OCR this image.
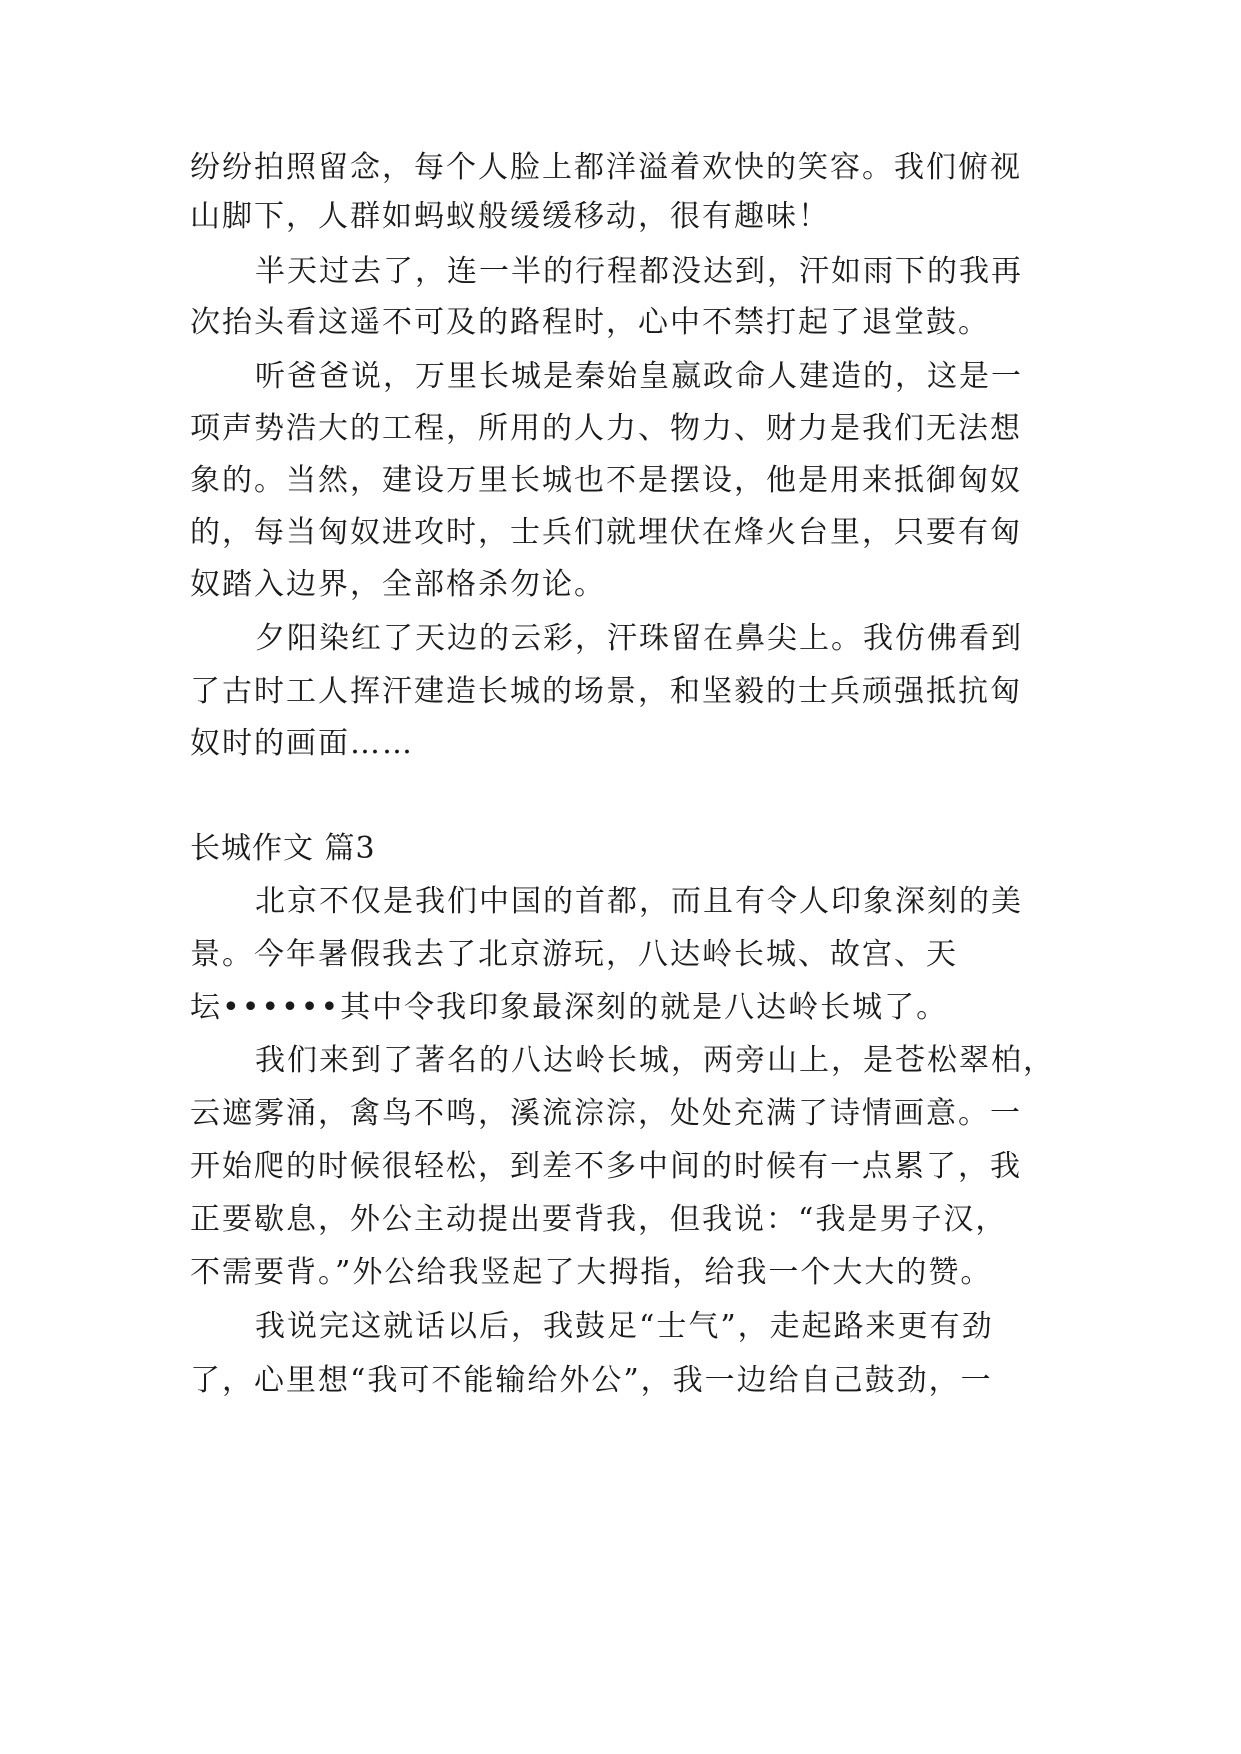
纷纷拍照留念，每个人脸上都洋溢着欢快的笑容。我们俯视
山脚下，人群如蚂蚁般缓缓移动，很有趣味！
半天过去了，连一半的行程都没达到，汗如雨下的我再
次抬头看这遥不可及的路程时，心中不禁打起了退堂鼓。
听爸爸说，万里长城是秦始皇嬴政命人建造的，这是一
项声势浩大的工程，所用的人力、物力、财力是我们无法想
象的。当然，建设万里长城也不是摆设，他是用来抵御匈奴
的，每当匈奴进攻时，士兵们就埋伏在烽火台里，只要有匈
奴踏入边界，全部格杀勿论。
夕阳染红了天边的云彩，汗珠留在鼻尖上。我仿佛看到
了古时工人挥汗建造长城的场景，和坚毅的士兵顽强抵抗匈
奴时的画面……
长城作文 篇3
北京不仅是我们中国的首都，而且有令人印象深刻的美
景。今年暑假我去了北京游玩，八达岭长城、故宫、天
坛••••••其中令我印象最深刻的就是八达岭长城了。
我们来到了著名的八达岭长城，两旁山上，是苍松翠柏，
云遮雾涌，禽鸟不鸣，溪流淙淙，处处充满了诗情画意。一
开始爬的时候很轻松，到差不多中间的时候有一点累了，我
正要歇息，外公主动提出要背我，但我说：“我是男子汉，
不需要背。”外公给我竖起了大拇指，给我一个大大的赞。
我说完这就话以后，我鼓足“士气”，走起路来更有劲
了，心里想“我可不能输给外公”，我一边给自己鼓劲，一
